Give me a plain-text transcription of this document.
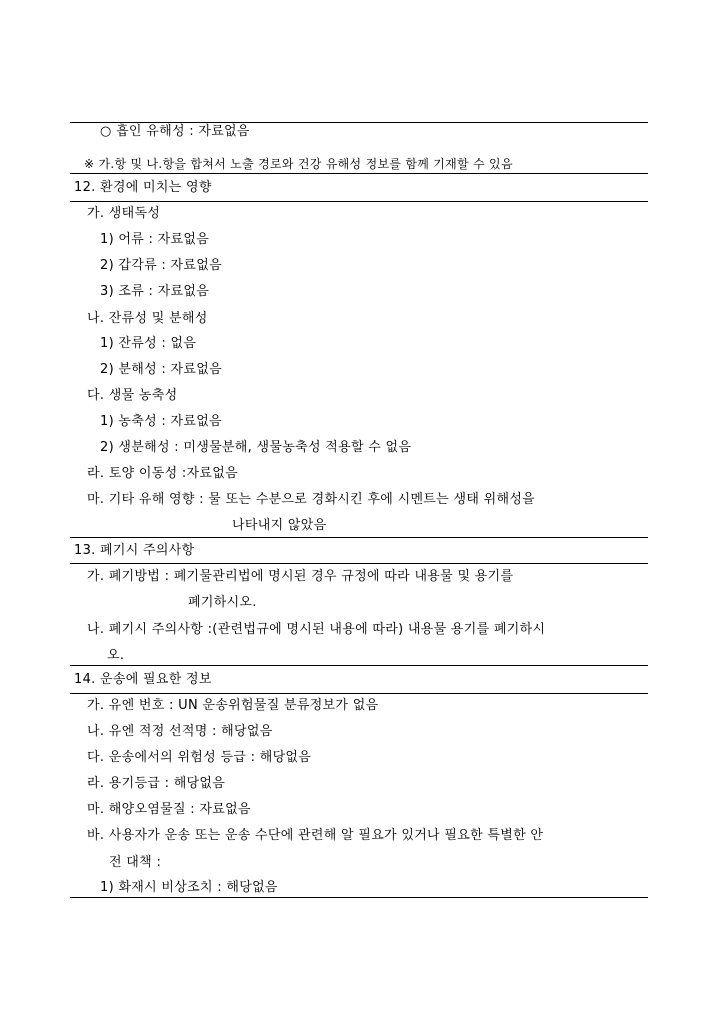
○ 흡인 유해성 : 자료없음
※ 가.항 및 나.항을 합쳐서 노출 경로와 건강 유해성 정보를 함께 기재할 수 있음
12. 환경에 미치는 영향
가. 생태독성
1) 어류 : 자료없음
2) 갑각류 : 자료없음
3) 조류 : 자료없음
나. 잔류성 및 분해성
1) 잔류성 : 없음
2) 분해성 : 자료없음
다. 생물 농축성
1) 농축성 : 자료없음
2) 생분해성 : 미생물분해, 생물농축성 적용할 수 없음
라. 토양 이동성 :자료없음
마. 기타 유해 영향 : 물 또는 수분으로 경화시킨 후에 시멘트는 생태 위해성을
나타내지 않았음
13. 폐기시 주의사항
가. 폐기방법 : 폐기물관리법에 명시된 경우 규정에 따라 내용물 및 용기를
폐기하시오.
나. 폐기시 주의사항 :(관련법규에 명시된 내용에 따라) 내용물 용기를 폐기하시
오.
14. 운송에 필요한 정보
가. 유엔 번호 : UN 운송위험물질 분류정보가 없음
나. 유엔 적정 선적명 : 해당없음
다. 운송에서의 위험성 등급 : 해당없음
라. 용기등급 : 해당없음
마. 해양오염물질 : 자료없음
바. 사용자가 운송 또는 운송 수단에 관련해 알 필요가 있거나 필요한 특별한 안
전 대책 :
1) 화재시 비상조치 : 해당없음
